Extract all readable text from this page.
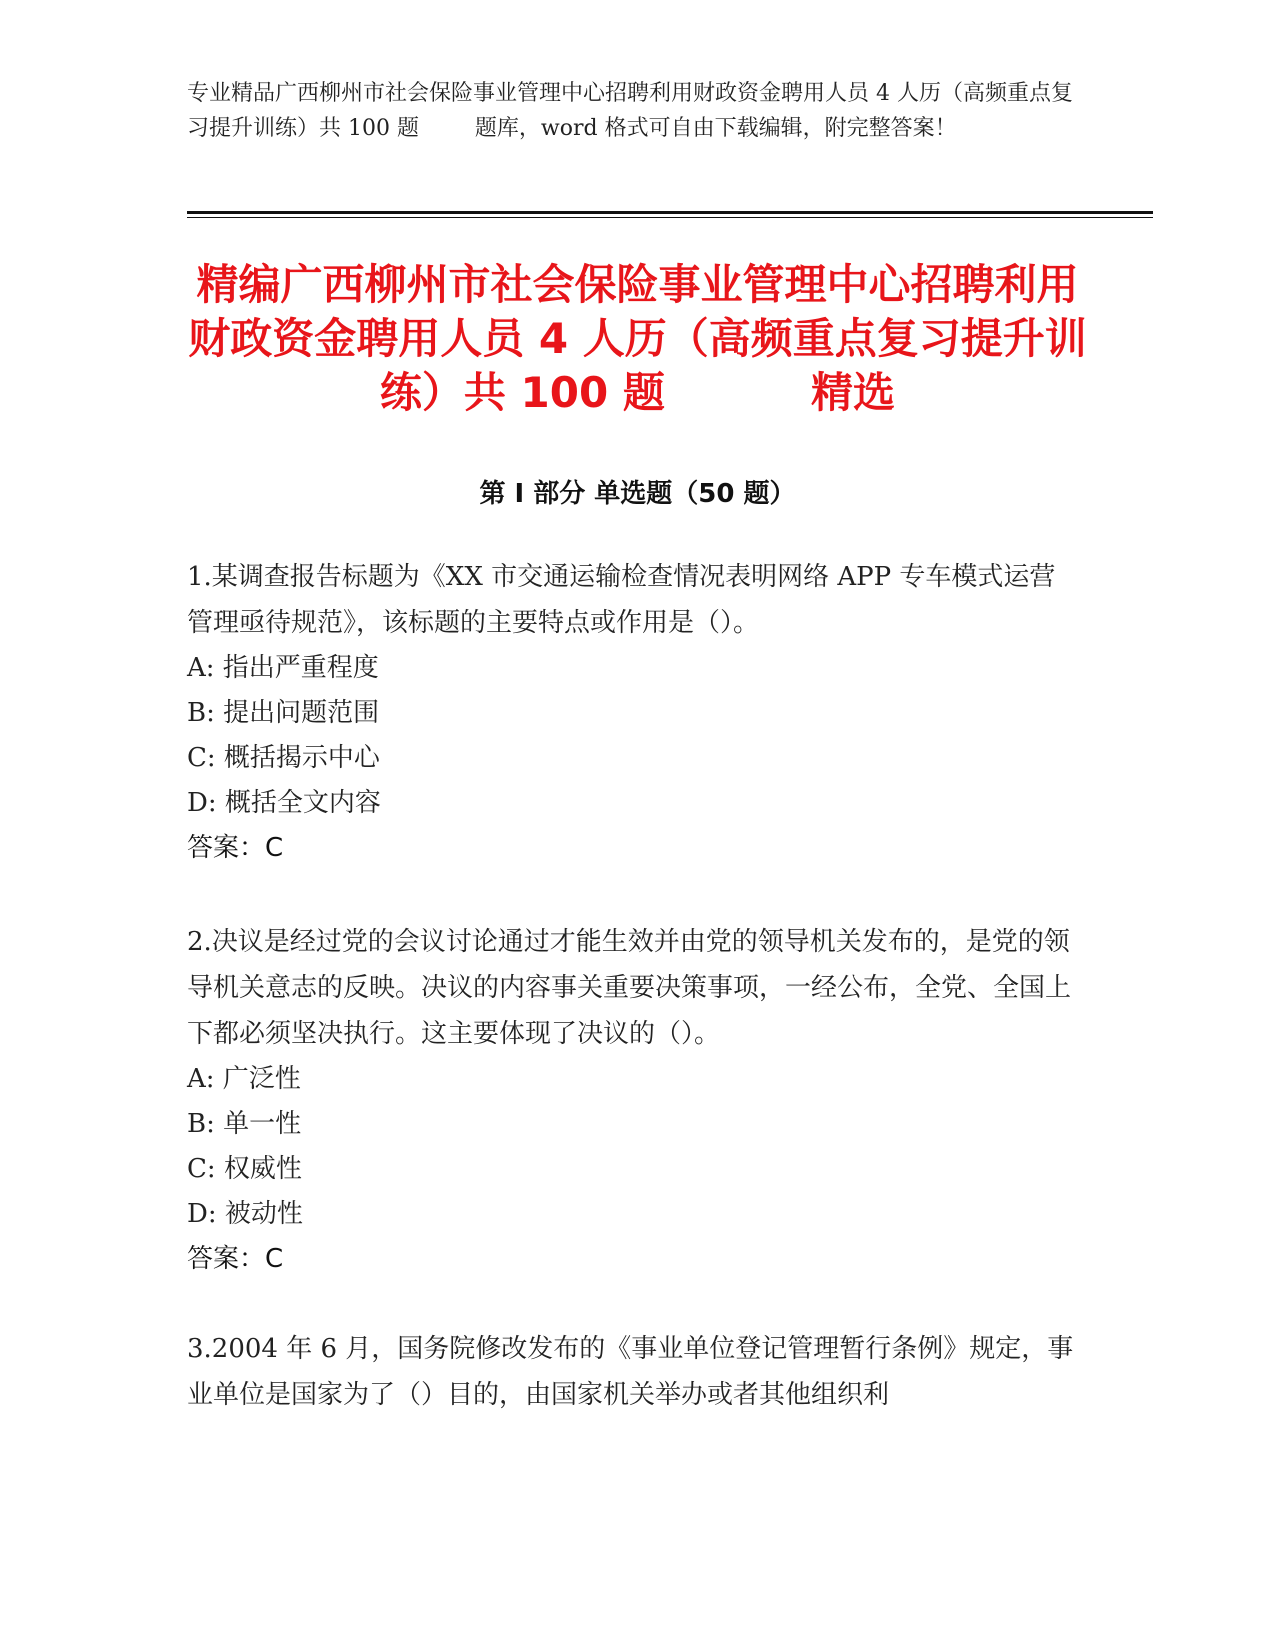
专业精品广西柳州市社会保险事业管理中心招聘利用财政资金聘用人员 4 人历（高频重点复习提升训练）共 100 题        题库，word 格式可自由下载编辑，附完整答案！
精编广西柳州市社会保险事业管理中心招聘利用财政资金聘用人员 4 人历（高频重点复习提升训练）共 100 题          精选
第 I 部分 单选题（50 题）
1.某调查报告标题为《XX 市交通运输检查情况表明网络 APP 专车模式运营管理亟待规范》，该标题的主要特点或作用是（）。
A: 指出严重程度
B: 提出问题范围
C: 概括揭示中心
D: 概括全文内容
答案：C
2.决议是经过党的会议讨论通过才能生效并由党的领导机关发布的，是党的领导机关意志的反映。决议的内容事关重要决策事项，一经公布，全党、全国上下都必须坚决执行。这主要体现了决议的（）。
A: 广泛性
B: 单一性
C: 权威性
D: 被动性
答案：C
3.2004 年 6 月，国务院修改发布的《事业单位登记管理暂行条例》规定，事业单位是国家为了（）目的，由国家机关举办或者其他组织利
